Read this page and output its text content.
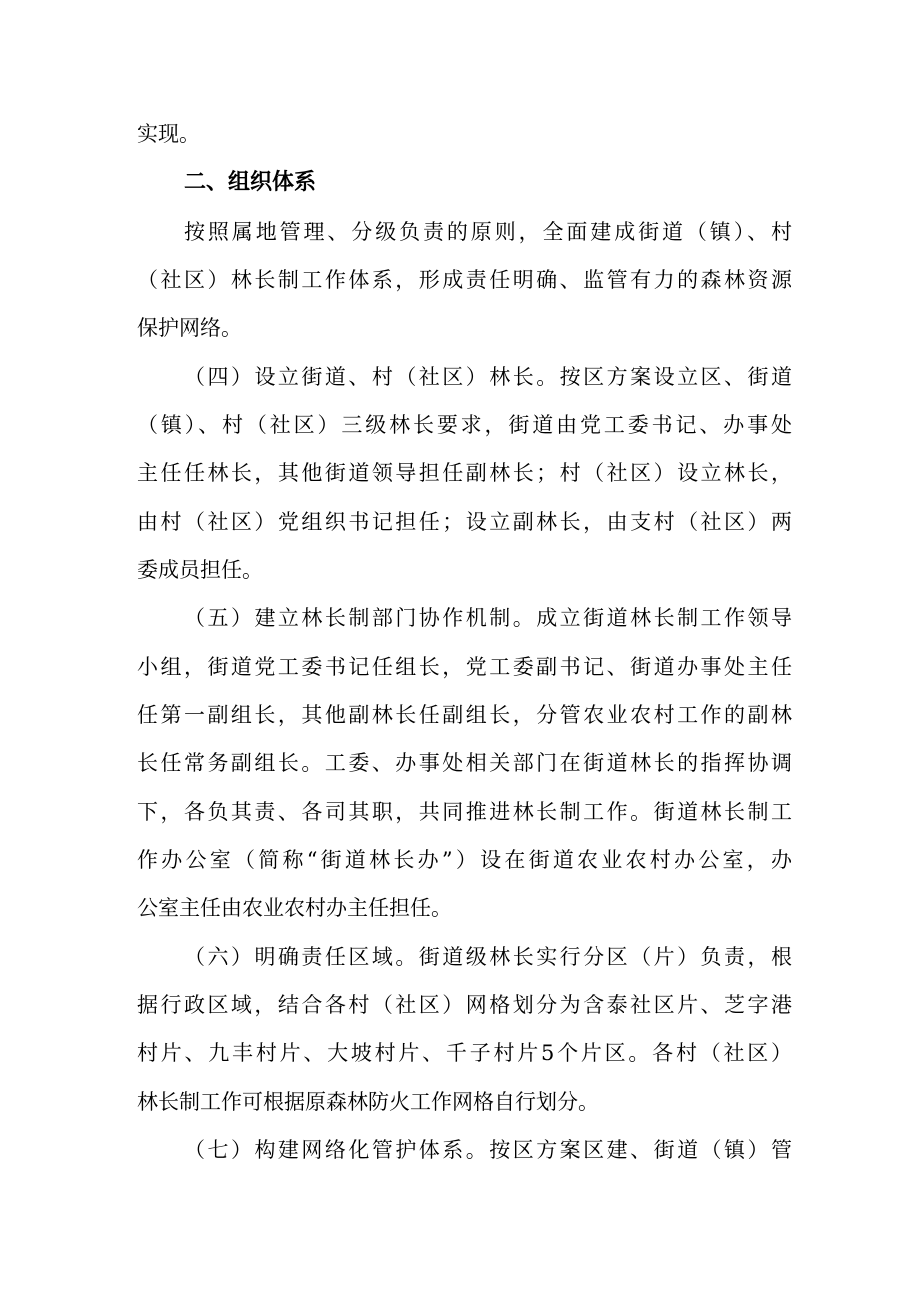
实现。
二、组织体系
按照属地管理、分级负责的原则，全面建成街道（镇）、村
（社区）林长制工作体系，形成责任明确、监管有力的森林资源
保护网络。
（四）设立街道、村（社区）林长。按区方案设立区、街道
（镇）、村（社区）三级林长要求，街道由党工委书记、办事处
主任任林长，其他街道领导担任副林长；村（社区）设立林长，
由村（社区）党组织书记担任；设立副林长，由支村（社区）两
委成员担任。
（五）建立林长制部门协作机制。成立街道林长制工作领导
小组，街道党工委书记任组长，党工委副书记、街道办事处主任
任第一副组长，其他副林长任副组长，分管农业农村工作的副林
长任常务副组长。工委、办事处相关部门在街道林长的指挥协调
下，各负其责、各司其职，共同推进林长制工作。街道林长制工
作办公室（简称“街道林长办”）设在街道农业农村办公室，办
公室主任由农业农村办主任担任。
（六）明确责任区域。街道级林长实行分区（片）负责，根
据行政区域，结合各村（社区）网格划分为含泰社区片、芝字港
村片、九丰村片、大坡村片、千子村片5个片区。各村（社区）
林长制工作可根据原森林防火工作网格自行划分。
（七）构建网络化管护体系。按区方案区建、街道（镇）管
